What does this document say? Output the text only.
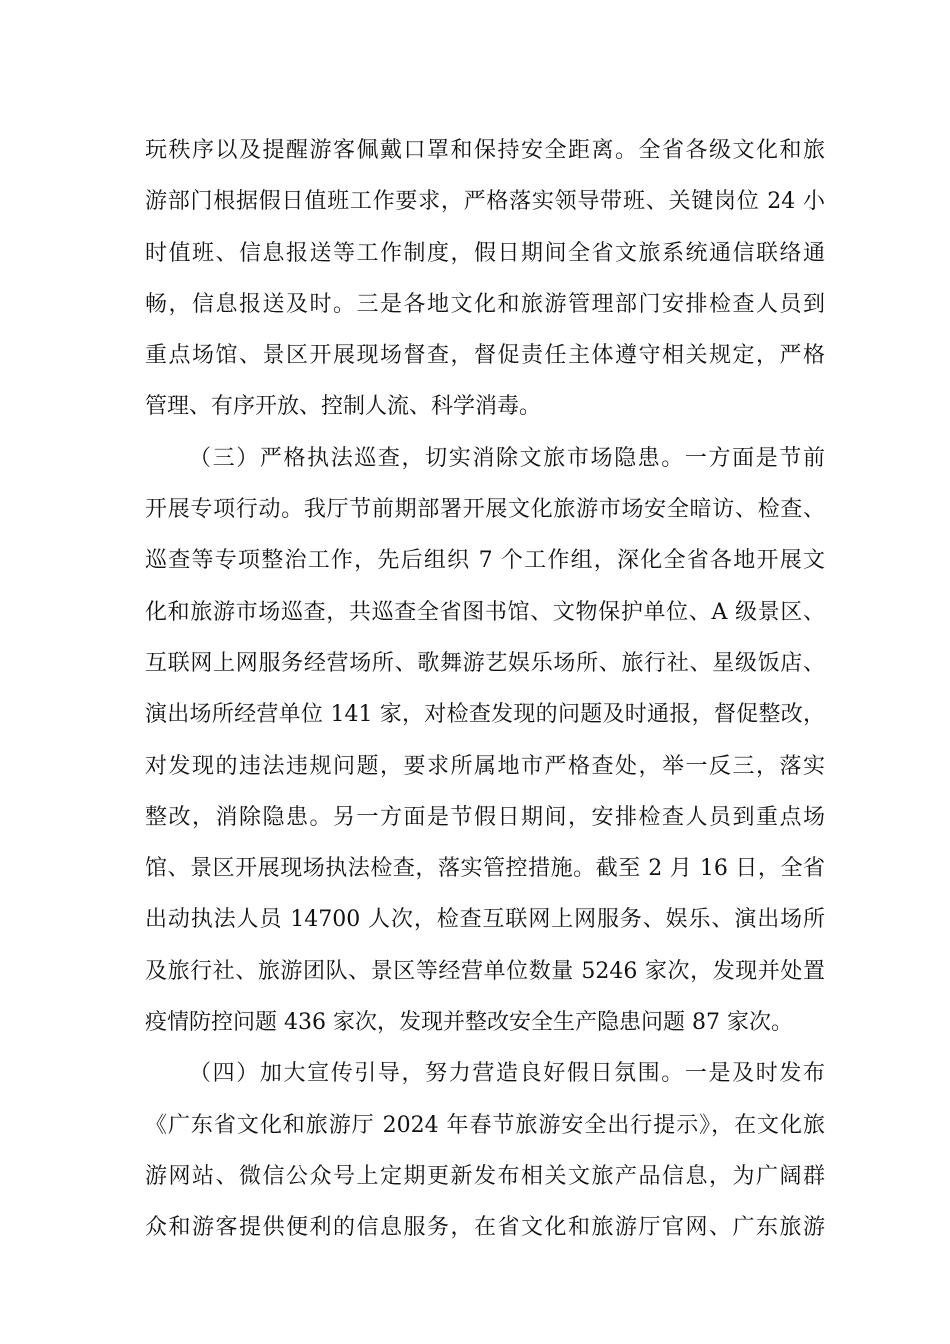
玩秩序以及提醒游客佩戴口罩和保持安全距离。全省各级文化和旅
游部门根据假日值班工作要求，严格落实领导带班、关键岗位 24 小
时值班、信息报送等工作制度，假日期间全省文旅系统通信联络通
畅，信息报送及时。三是各地文化和旅游管理部门安排检查人员到
重点场馆、景区开展现场督查，督促责任主体遵守相关规定，严格
管理、有序开放、控制人流、科学消毒。
（三）严格执法巡查，切实消除文旅市场隐患。一方面是节前
开展专项行动。我厅节前期部署开展文化旅游市场安全暗访、检查、
巡查等专项整治工作，先后组织 7 个工作组，深化全省各地开展文
化和旅游市场巡查，共巡查全省图书馆、文物保护单位、A 级景区、
互联网上网服务经营场所、歌舞游艺娱乐场所、旅行社、星级饭店、
演出场所经营单位 141 家，对检查发现的问题及时通报，督促整改，
对发现的违法违规问题，要求所属地市严格查处，举一反三，落实
整改，消除隐患。另一方面是节假日期间，安排检查人员到重点场
馆、景区开展现场执法检查，落实管控措施。截至 2 月 16 日，全省
出动执法人员 14700 人次，检查互联网上网服务、娱乐、演出场所
及旅行社、旅游团队、景区等经营单位数量 5246 家次，发现并处置
疫情防控问题 436 家次，发现并整改安全生产隐患问题 87 家次。
（四）加大宣传引导，努力营造良好假日氛围。一是及时发布
《广东省文化和旅游厅 2024 年春节旅游安全出行提示》，在文化旅
游网站、微信公众号上定期更新发布相关文旅产品信息，为广阔群
众和游客提供便利的信息服务，在省文化和旅游厅官网、广东旅游
